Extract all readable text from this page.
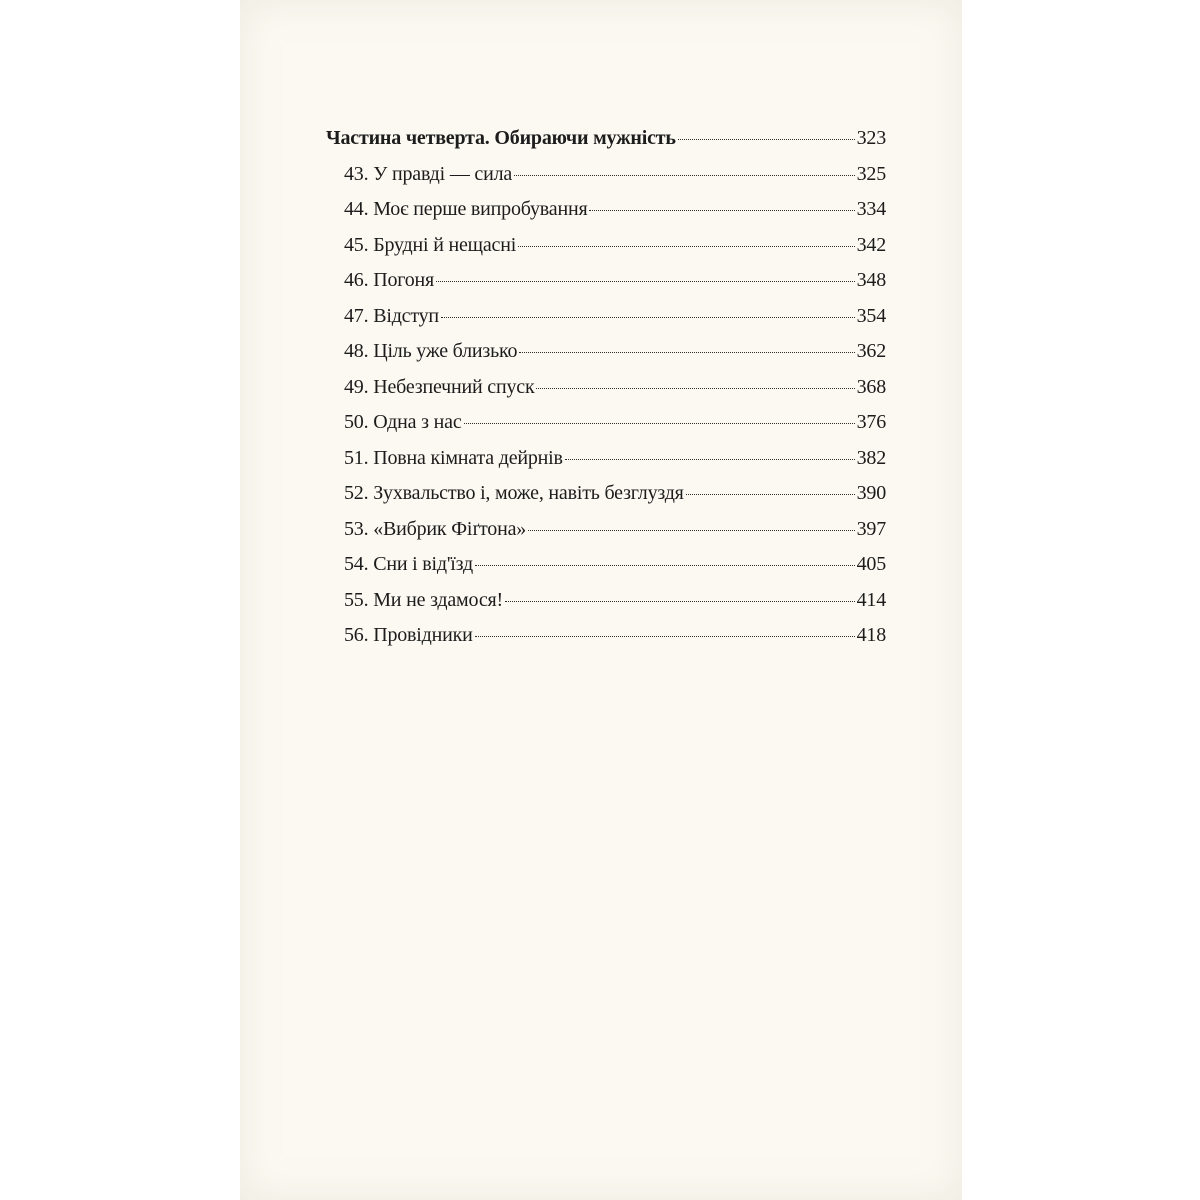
Частина четверта. Обираючи мужність	323
43. У правді — сила	325
44. Моє перше випробування	334
45. Брудні й нещасні	342
46. Погоня	348
47. Відступ	354
48. Ціль уже близько	362
49. Небезпечний спуск	368
50. Одна з нас	376
51. Повна кімната дейрнів	382
52. Зухвальство і, може, навіть безглуздя	390
53. «Вибрик Фіґтона»	397
54. Сни і від'їзд	405
55. Ми не здамося!	414
56. Провідники	418
